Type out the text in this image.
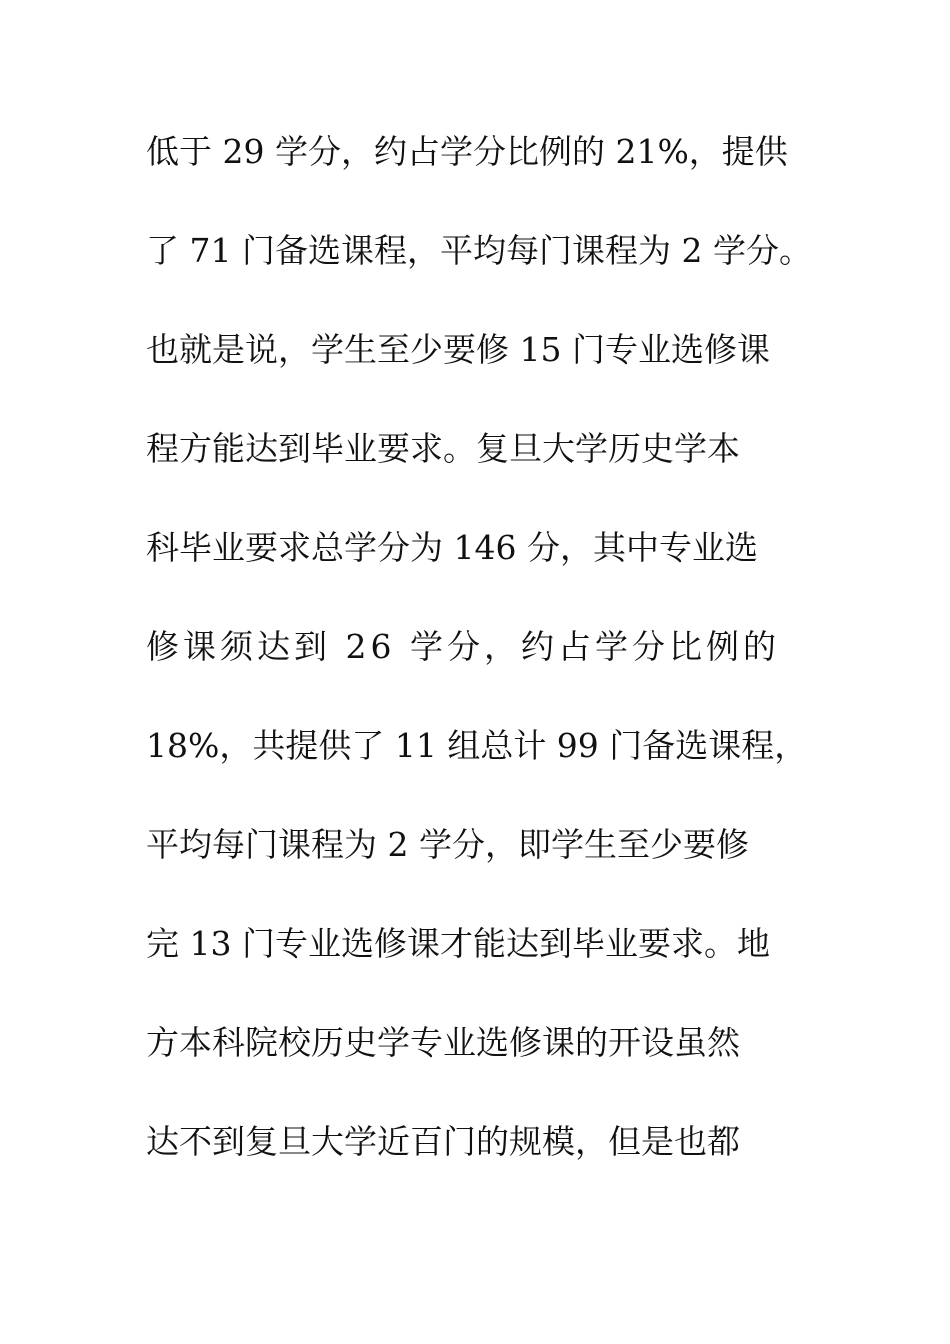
低于 29 学分，约占学分比例的 21%，提供
了 71 门备选课程，平均每门课程为 2 学分。
也就是说，学生至少要修 15 门专业选修课
程方能达到毕业要求。复旦大学历史学本
科毕业要求总学分为 146 分，其中专业选
修课须达到 26 学分，约占学分比例的
18%，共提供了 11 组总计 99 门备选课程，
平均每门课程为 2 学分，即学生至少要修
完 13 门专业选修课才能达到毕业要求。地
方本科院校历史学专业选修课的开设虽然
达不到复旦大学近百门的规模，但是也都
